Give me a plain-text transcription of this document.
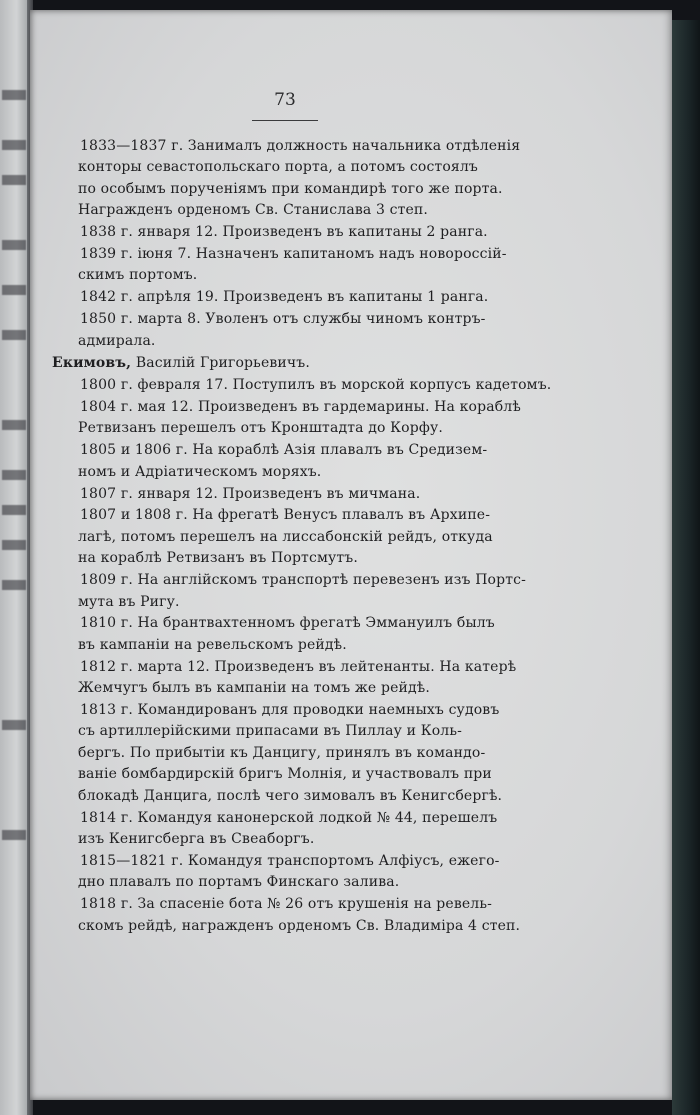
73
1833—1837 г. Занималъ должность начальника отдѣленія
конторы севастопольскаго порта, а потомъ состоялъ
по особымъ порученіямъ при командирѣ того же порта.
Награжденъ орденомъ Св. Станислава 3 степ.
1838 г. января 12. Произведенъ въ капитаны 2 ранга.
1839 г. іюня 7. Назначенъ капитаномъ надъ новороссій-
скимъ портомъ.
1842 г. апрѣля 19. Произведенъ въ капитаны 1 ранга.
1850 г. марта 8. Уволенъ отъ службы чиномъ контръ-
адмирала.
Екимовъ, Василій Григорьевичъ.
1800 г. февраля 17. Поступилъ въ морской корпусъ кадетомъ.
1804 г. мая 12. Произведенъ въ гардемарины. На кораблѣ
Ретвизанъ перешелъ отъ Кронштадта до Корфу.
1805 и 1806 г. На кораблѣ Азія плавалъ въ Средизем-
номъ и Адріатическомъ моряхъ.
1807 г. января 12. Произведенъ въ мичмана.
1807 и 1808 г. На фрегатѣ Венусъ плавалъ въ Архипе-
лагѣ, потомъ перешелъ на лиссабонскій рейдъ, откуда
на кораблѣ Ретвизанъ въ Портсмутъ.
1809 г. На англійскомъ транспортѣ перевезенъ изъ Портс-
мута въ Ригу.
1810 г. На брантвахтенномъ фрегатѣ Эммануилъ былъ
въ кампаніи на ревельскомъ рейдѣ.
1812 г. марта 12. Произведенъ въ лейтенанты. На катерѣ
Жемчугъ былъ въ кампаніи на томъ же рейдѣ.
1813 г. Командированъ для проводки наемныхъ судовъ
съ артиллерійскими припасами въ Пиллау и Коль-
бергъ. По прибытіи къ Данцигу, принялъ въ командо-
ваніе бомбардирскій бригъ Молнія, и участвовалъ при
блокадѣ Данцига, послѣ чего зимовалъ въ Кенигсбергѣ.
1814 г. Командуя канонерской лодкой № 44, перешелъ
изъ Кенигсберга въ Свеаборгъ.
1815—1821 г. Командуя транспортомъ Алфіусъ, ежего-
дно плавалъ по портамъ Финскаго залива.
1818 г. За спасеніе бота № 26 отъ крушенія на ревель-
скомъ рейдѣ, награжденъ орденомъ Св. Владиміра 4 степ.
